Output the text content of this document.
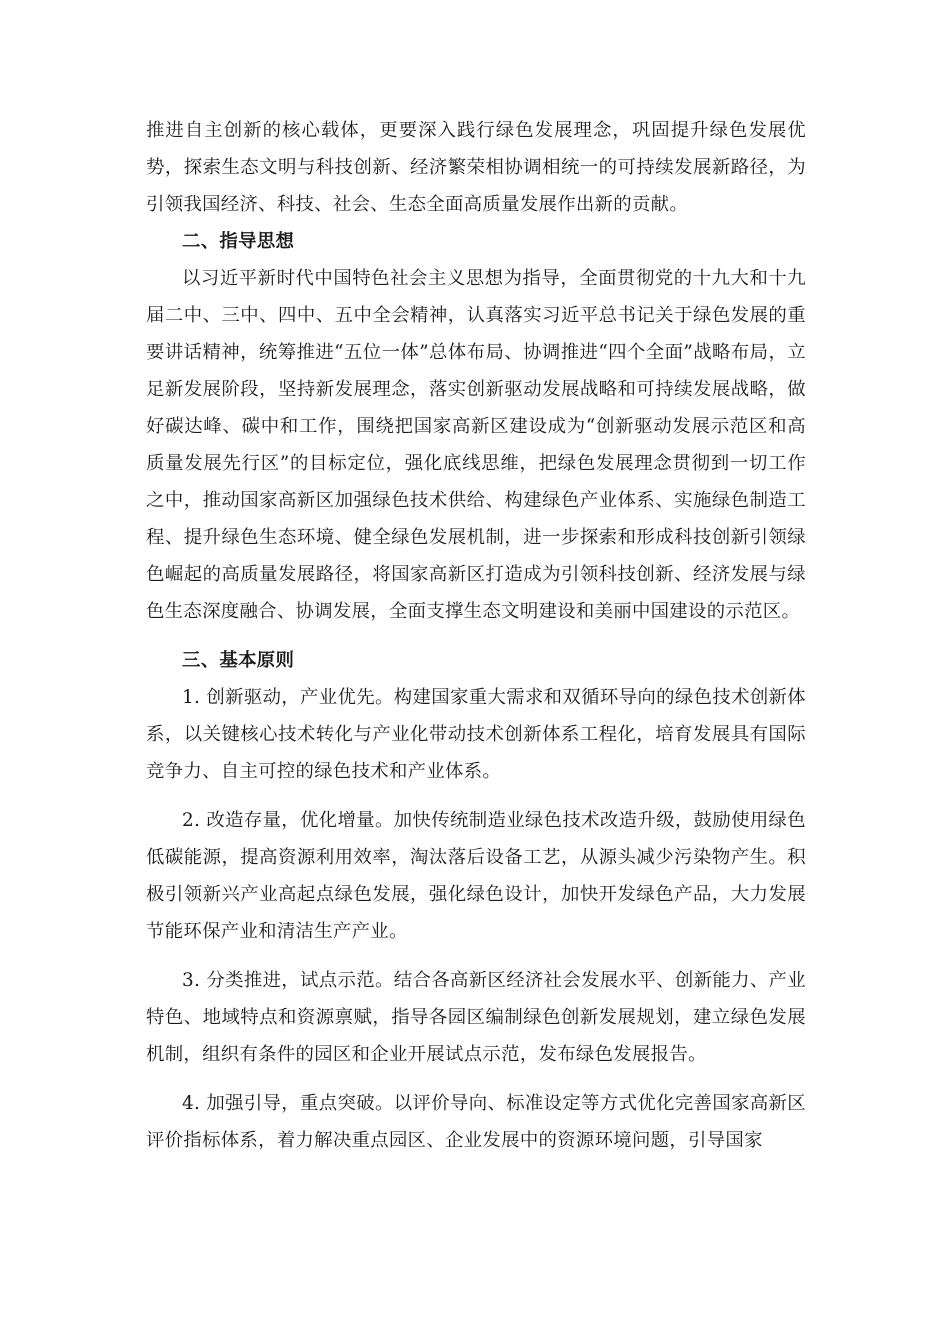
推进自主创新的核心载体，更要深入践行绿色发展理念，巩固提升绿色发展优势，探索生态文明与科技创新、经济繁荣相协调相统一的可持续发展新路径，为引领我国经济、科技、社会、生态全面高质量发展作出新的贡献。

二、指导思想

以习近平新时代中国特色社会主义思想为指导，全面贯彻党的十九大和十九届二中、三中、四中、五中全会精神，认真落实习近平总书记关于绿色发展的重要讲话精神，统筹推进“五位一体”总体布局、协调推进“四个全面”战略布局，立足新发展阶段，坚持新发展理念，落实创新驱动发展战略和可持续发展战略，做好碳达峰、碳中和工作，围绕把国家高新区建设成为“创新驱动发展示范区和高质量发展先行区”的目标定位，强化底线思维，把绿色发展理念贯彻到一切工作之中，推动国家高新区加强绿色技术供给、构建绿色产业体系、实施绿色制造工程、提升绿色生态环境、健全绿色发展机制，进一步探索和形成科技创新引领绿色崛起的高质量发展路径，将国家高新区打造成为引领科技创新、经济发展与绿色生态深度融合、协调发展，全面支撑生态文明建设和美丽中国建设的示范区。

三、基本原则

1. 创新驱动，产业优先。构建国家重大需求和双循环导向的绿色技术创新体系，以关键核心技术转化与产业化带动技术创新体系工程化，培育发展具有国际竞争力、自主可控的绿色技术和产业体系。

2. 改造存量，优化增量。加快传统制造业绿色技术改造升级，鼓励使用绿色低碳能源，提高资源利用效率，淘汰落后设备工艺，从源头减少污染物产生。积极引领新兴产业高起点绿色发展，强化绿色设计，加快开发绿色产品，大力发展节能环保产业和清洁生产产业。

3. 分类推进，试点示范。结合各高新区经济社会发展水平、创新能力、产业特色、地域特点和资源禀赋，指导各园区编制绿色创新发展规划，建立绿色发展机制，组织有条件的园区和企业开展试点示范，发布绿色发展报告。

4. 加强引导，重点突破。以评价导向、标准设定等方式优化完善国家高新区评价指标体系，着力解决重点园区、企业发展中的资源环境问题，引导国家
